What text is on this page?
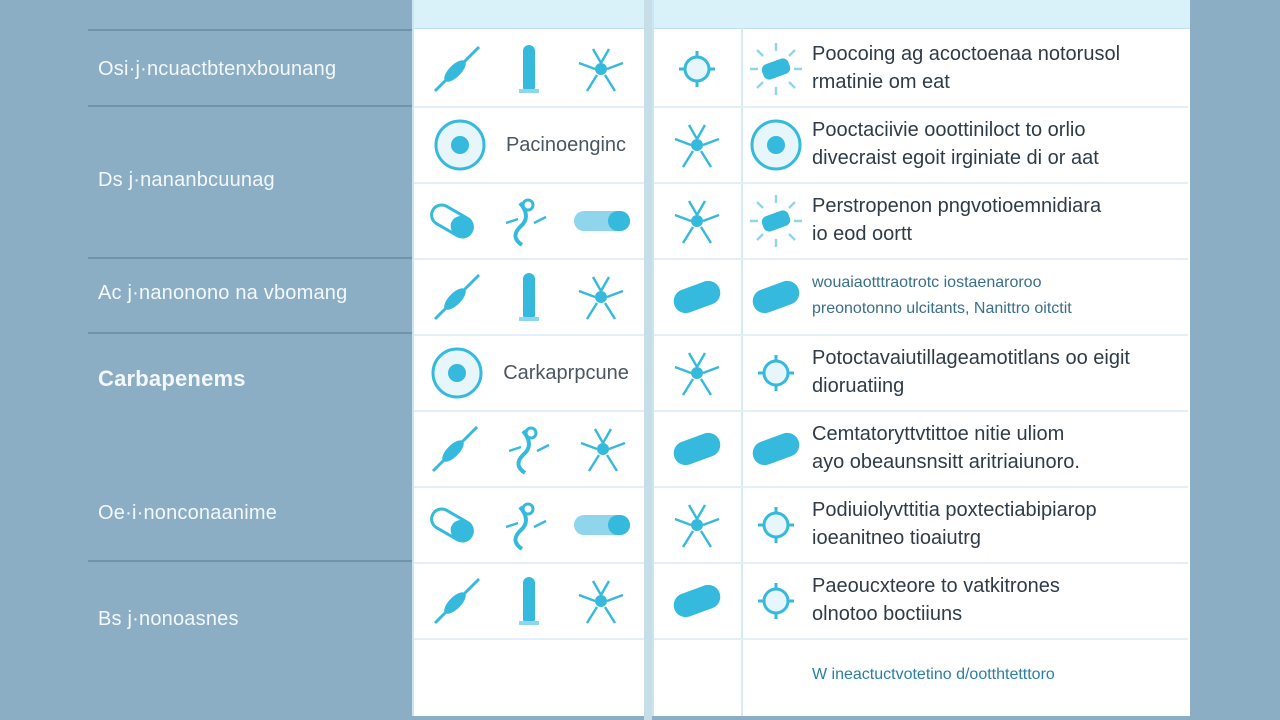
Osi·j·ncuactbtenxbounang
Ds j·nananbcuunag
Ac j·nanonono na vbomang
Carbapenems
Oe·i·nonconaanime
Bs j·nonoasnes
Pacinoenginc
Carkaprpcune
Poocoing ag acoctoenaa notorusol
rmatinie om eat
Pooctaciivie ooottiniloct to orlio
divecraist egoit irginiate di or aat
Perstropenon pngvotioemnidiara
io eod oortt
wouaiaotttraotrotc iostaenaroroo
preonotonno ulcitants, Nanittro oitctit
Potoctavaiutillageamotitlans oo eigit
dioruatiing
Cemtatoryttvtittoe nitie uliom
ayo obeaunsnsitt aritriaiunoro.
Podiuiolyvttitia poxtectiabipiarop
ioeanitneo tioaiutrg
Paeoucxteore to vatkitrones
olnotoo boctiiuns
W ineactuctvotetino d/ootthtetttoro
